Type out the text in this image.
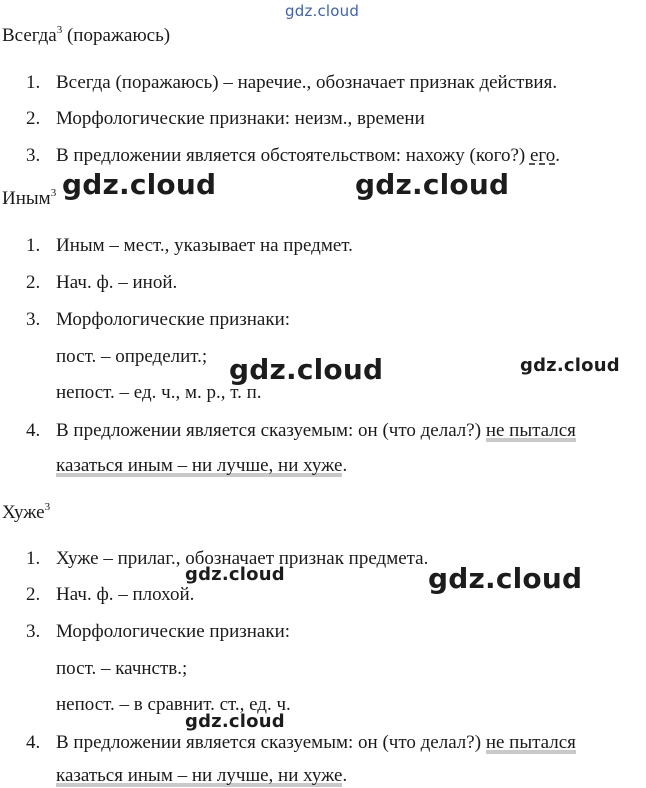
gdz.cloud
gdz.cloud	gdz.cloud
gdz.cloud	gdz.cloud
gdz.cloud	gdz.cloud
gdz.cloud
Всегда$^3$ (поражаюсь)
1. Всегда (поражаюсь) – наречие., обозначает признак действия.
2. Морфологические признаки: неизм., времени
3. В предложении является обстоятельством: нахожу (кого?) его.
Иным$^3$
1. Иным – мест., указывает на предмет.
2. Нач. ф. – иной.
3. Морфологические признаки:
пост. – определит.;
непост. – ед. ч., м. р., т. п.
4. В предложении является сказуемым: он (что делал?) не пытался
казаться иным – ни лучше, ни хуже.
Хуже$^3$
1. Хуже – прилаг., обозначает признак предмета.
2. Нач. ф. – плохой.
3. Морфологические признаки:
пост. – качнств.;
непост. – в сравнит. ст., ед. ч.
4. В предложении является сказуемым: он (что делал?) не пытался
казаться иным – ни лучше, ни хуже.
